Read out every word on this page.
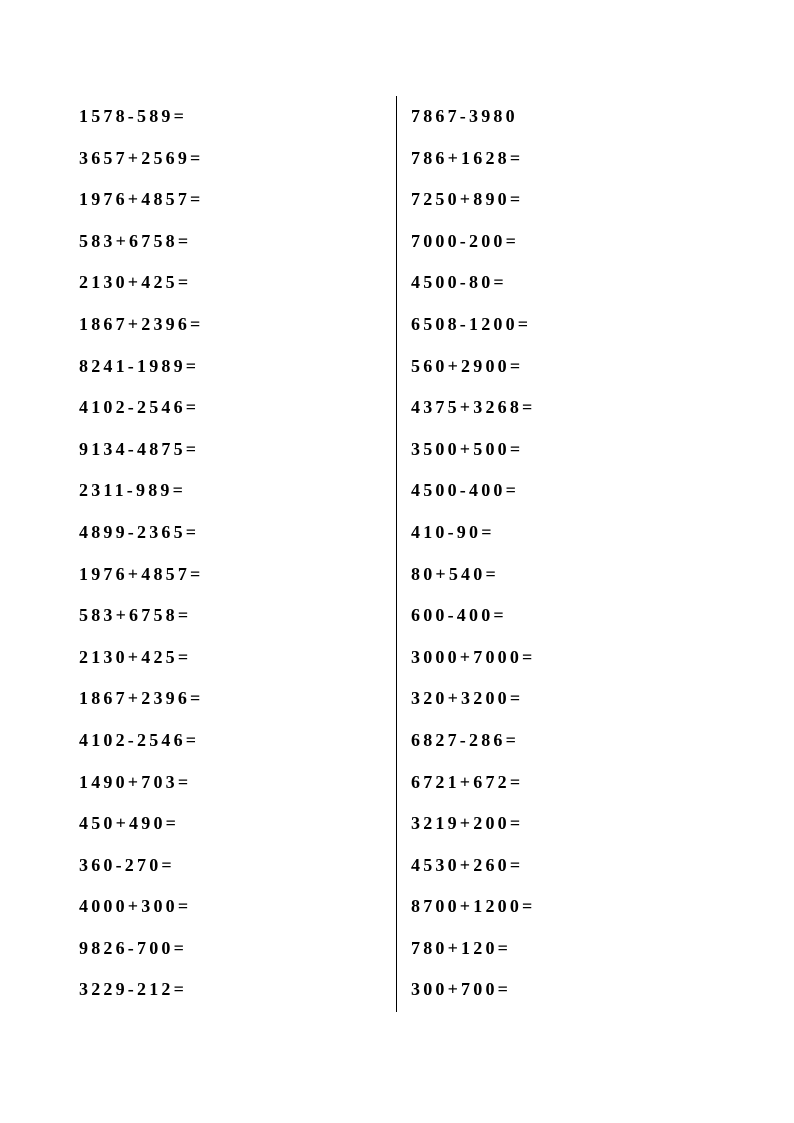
1578-589=
3657+2569=
1976+4857=
583+6758=
2130+425=
1867+2396=
8241-1989=
4102-2546=
9134-4875=
2311-989=
4899-2365=
1976+4857=
583+6758=
2130+425=
1867+2396=
4102-2546=
1490+703=
450+490=
360-270=
4000+300=
9826-700=
3229-212=
7867-3980
786+1628=
7250+890=
7000-200=
4500-80=
6508-1200=
560+2900=
4375+3268=
3500+500=
4500-400=
410-90=
80+540=
600-400=
3000+7000=
320+3200=
6827-286=
6721+672=
3219+200=
4530+260=
8700+1200=
780+120=
300+700=
